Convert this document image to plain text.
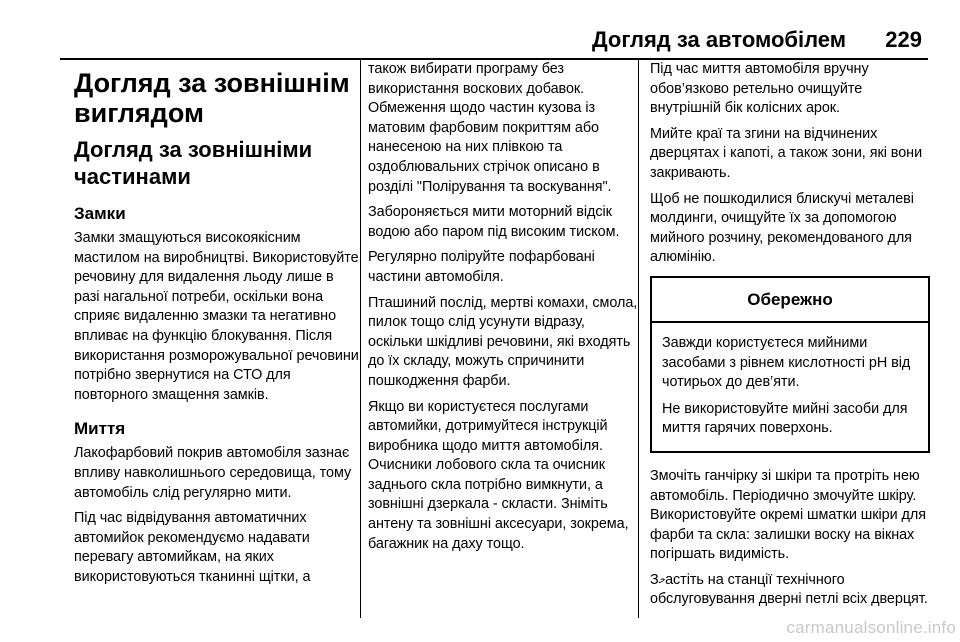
Догляд за автомобілем 229
Догляд за зовнішнім виглядом
Догляд за зовнішніми частинами
Замки

Замки змащуються високоякісним мастилом на виробництві. Використовуйте речовину для видалення льоду лише в разі нагальної потреби, оскільки вона сприяє видаленню змазки та негативно впливає на функцію блокування. Після використання розморожувальної речовини потрібно звернутися на СТО для повторного змащення замків.

Миття

Лакофарбовий покрив автомобіля зазнає впливу навколишнього середовища, тому автомобіль слід регулярно мити.

Під час відвідування автоматичних автомийок рекомендуємо надавати перевагу автомийкам, на яких використовуються тканинні щітки, а

також вибирати програму без використання воскових добавок. Обмеження щодо частин кузова із матовим фарбовим покриттям або нанесеною на них плівкою та оздоблювальних стрічок описано в розділі "Полірування та воскування".

Забороняється мити моторний відсік водою або паром під високим тиском.

Регулярно поліруйте пофарбовані частини автомобіля.

Пташиний послід, мертві комахи, смола, пилок тощо слід усунути відразу, оскільки шкідливі речовини, які входять до їх складу, можуть спричинити пошкодження фарби.

Якщо ви користуєтеся послугами автомийки, дотримуйтеся інструкцій виробника щодо миття автомобіля. Очисники лобового скла та очисник заднього скла потрібно вимкнути, а зовнішні дзеркала - скласти. Зніміть антену та зовнішні аксесуари, зокрема, багажник на даху тощо.

Під час миття автомобіля вручну обов’язково ретельно очищуйте внутрішній бік колісних арок.

Мийте краї та згини на відчинених дверцятах і капоті, а також зони, які вони закривають.

Щоб не пошкодилися блискучі металеві молдинги, очищуйте їх за допомогою мийного розчину, рекомендованого для алюмінію.

Обережно

Завжди користуєтеся мийними засобами з рівнем кислотності pH від чотирьох до дев’яти.

Не використовуйте мийні засоби для миття гарячих поверхонь.

Змочіть ганчірку зі шкіри та протріть нею автомобіль. Періодично змочуйте шкіру. Використовуйте окремі шматки шкіри для фарби та скла: залишки воску на вікнах погіршать видимість.

Зމастіть на станції технічного обслуговування дверні петлі всіх дверцят.

carmanualsonline.info
